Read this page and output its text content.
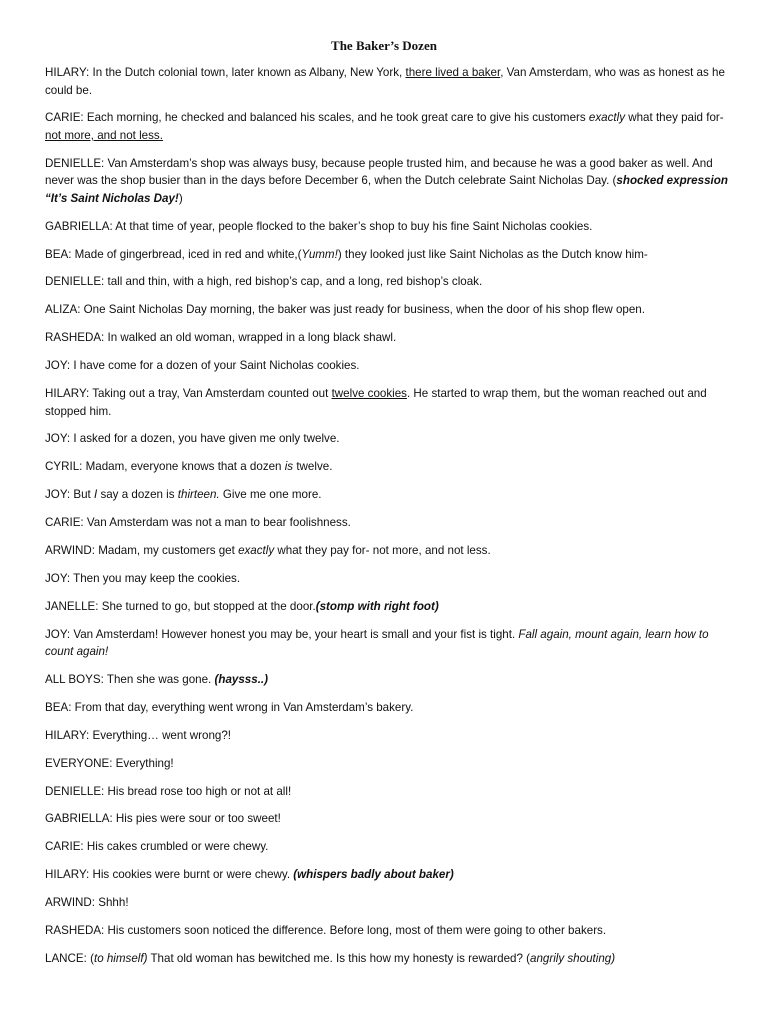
The Baker’s Dozen

HILARY: In the Dutch colonial town, later known as Albany, New York, there lived a baker, Van Amsterdam, who was as honest as he could be.

CARIE: Each morning, he checked and balanced his scales, and he took great care to give his customers exactly what they paid for- not more, and not less.

DENIELLE: Van Amsterdam’s shop was always busy, because people trusted him, and because he was a good baker as well. And never was the shop busier than in the days before December 6, when the Dutch celebrate Saint Nicholas Day. (shocked expression “It’s Saint Nicholas Day!)

GABRIELLA: At that time of year, people flocked to the baker’s shop to buy his fine Saint Nicholas cookies.

BEA: Made of gingerbread, iced in red and white,(Yumm!) they looked just like Saint Nicholas as the Dutch know him-

DENIELLE: tall and thin, with a high, red bishop’s cap, and a long, red bishop’s cloak.

ALIZA: One Saint Nicholas Day morning, the baker was just ready for business, when the door of his shop flew open.

RASHEDA: In walked an old woman, wrapped in a long black shawl.

JOY: I have come for a dozen of your Saint Nicholas cookies.

HILARY: Taking out a tray, Van Amsterdam counted out twelve cookies. He started to wrap them, but the woman reached out and stopped him.

JOY: I asked for a dozen, you have given me only twelve.

CYRIL: Madam, everyone knows that a dozen is twelve.

JOY: But I say a dozen is thirteen. Give me one more.

CARIE: Van Amsterdam was not a man to bear foolishness.

ARWIND: Madam, my customers get exactly what they pay for- not more, and not less.

JOY: Then you may keep the cookies.

JANELLE: She turned to go, but stopped at the door.(stomp with right foot)

JOY: Van Amsterdam! However honest you may be, your heart is small and your fist is tight. Fall again, mount again, learn how to count again!

ALL BOYS: Then she was gone. (haysss..)

BEA: From that day, everything went wrong in Van Amsterdam’s bakery.

HILARY: Everything… went wrong?!

EVERYONE: Everything!

DENIELLE: His bread rose too high or not at all!

GABRIELLA: His pies were sour or too sweet!

CARIE: His cakes crumbled or were chewy.

HILARY: His cookies were burnt or were chewy. (whispers badly about baker)

ARWIND: Shhh!

RASHEDA: His customers soon noticed the difference. Before long, most of them were going to other bakers.

LANCE: (to himself) That old woman has bewitched me. Is this how my honesty is rewarded? (angrily shouting)
